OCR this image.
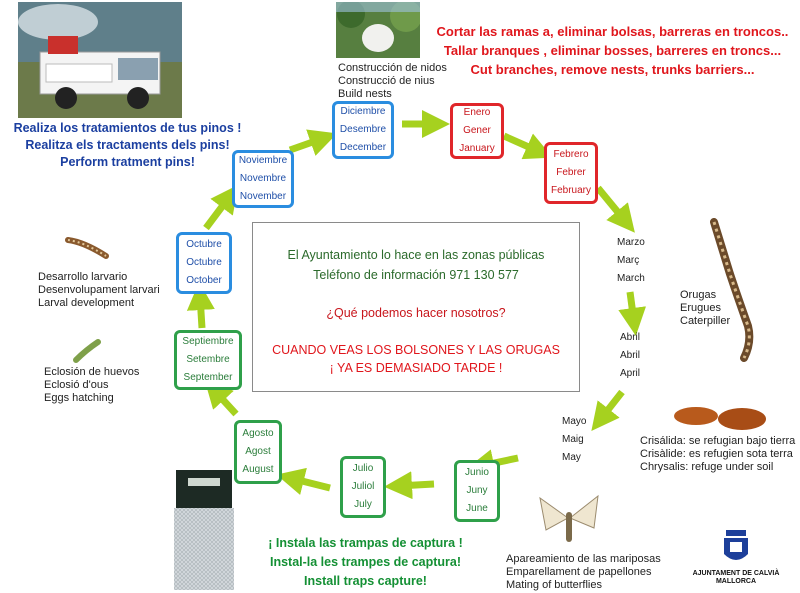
Cortar las ramas a, eliminar bolsas, barreras en troncos..
Tallar branques , eliminar bosses, barreres en troncs...
Cut branches, remove nests, trunks barriers...
Realiza los tratamientos de tus pinos !
Realitza els tractaments dels pins!
Perform tratment pins!
Construcción de nidos
Construcció de nius
Build nests
Diciembre
Desembre
December
Enero
Gener
January
Febrero
Febrer
February
Marzo
Març
March
Abril
Abril
April
Mayo
Maig
May
Junio
Juny
June
Julio
Juliol
July
Agosto
Agost
August
Septiembre
Setembre
September
Octubre
Octubre
October
Noviembre
Novembre
November
El Ayuntamiento lo hace en las zonas públicas
Teléfono de información 971 130 577
¿Qué podemos hacer nosotros?
CUANDO VEAS LOS BOLSONES Y LAS ORUGAS
¡ YA ES DEMASIADO TARDE !
Desarrollo larvario
Desenvolupament larvari
Larval development
Eclosión de huevos
Eclosió d'ous
Eggs hatching
Orugas
Erugues
Caterpiller
Crisálida: se refugian bajo tierra
Crisàlide: es refugien sota terra
Chrysalis: refuge under soil
Apareamiento de las mariposas
Emparellament de papellones
Mating of butterflies
¡ Instala las trampas de captura !
Instal-la les trampes de captura!
Install traps capture!
AJUNTAMENT DE CALVIÀ
MALLORCA
